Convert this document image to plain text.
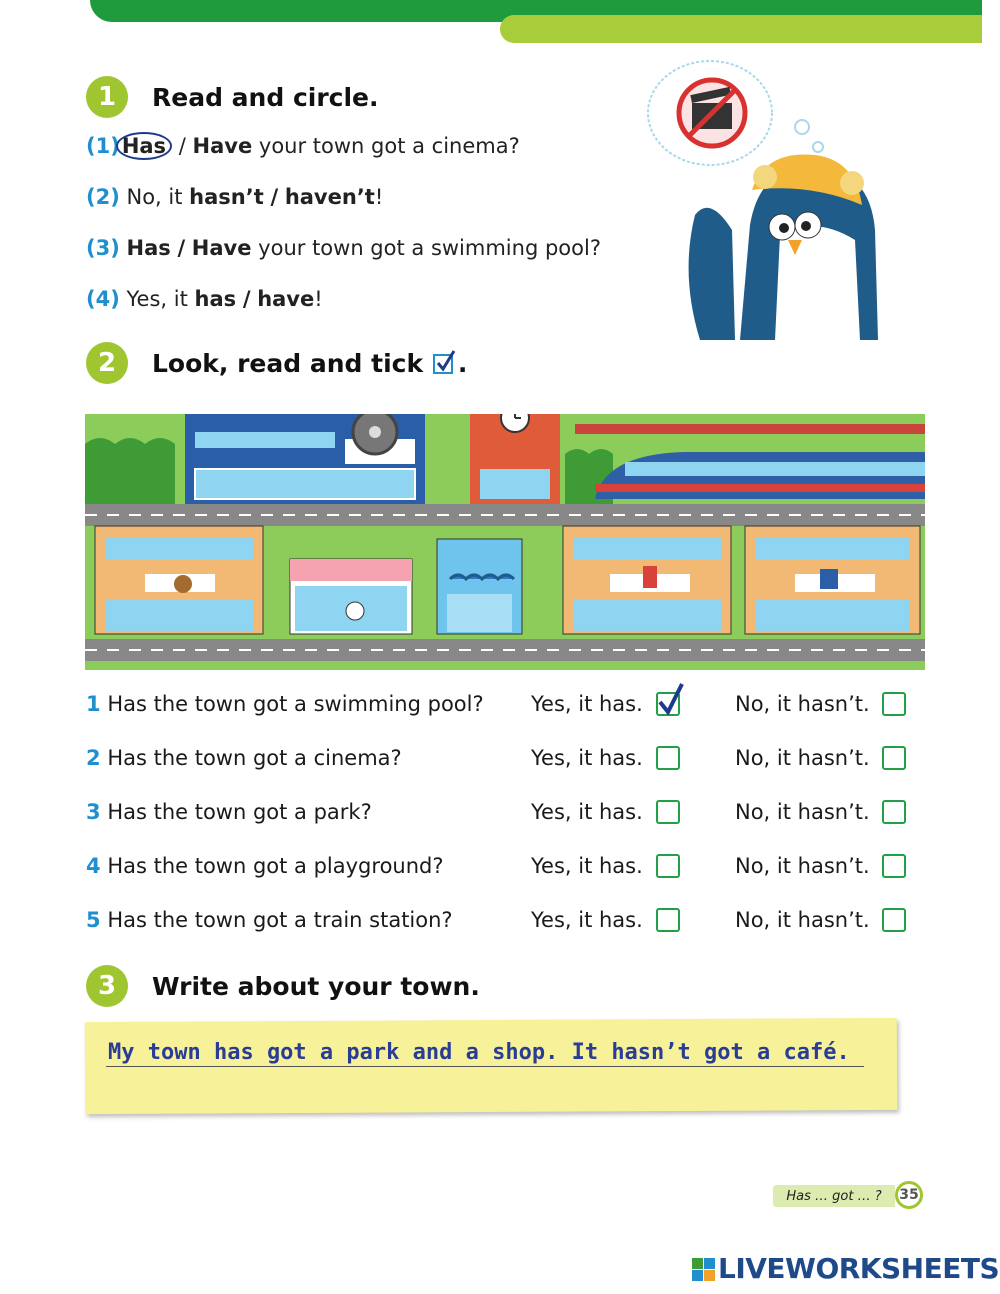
1	Read and circle.
(1)Has / Have your town got a cinema?
(2) No, it hasn’t / haven’t!
(3) Has / Have your town got a swimming pool?
(4) Yes, it has / have!
2	Look, read and tick .
1 Has the town got a swimming pool? Yes, it has.	No, it hasn’t.
2 Has the town got a cinema?	Yes, it has.	No, it hasn’t.
3 Has the town got a park?	Yes, it has.	No, it hasn’t.
4 Has the town got a playground?	Yes, it has.	No, it hasn’t.
5 Has the town got a train station?	Yes, it has.	No, it hasn’t.
3	Write about your town.
My town has got a park and a shop. It hasn’t got a café.
Has … got … ?	35
LIVEWORKSHEETS
